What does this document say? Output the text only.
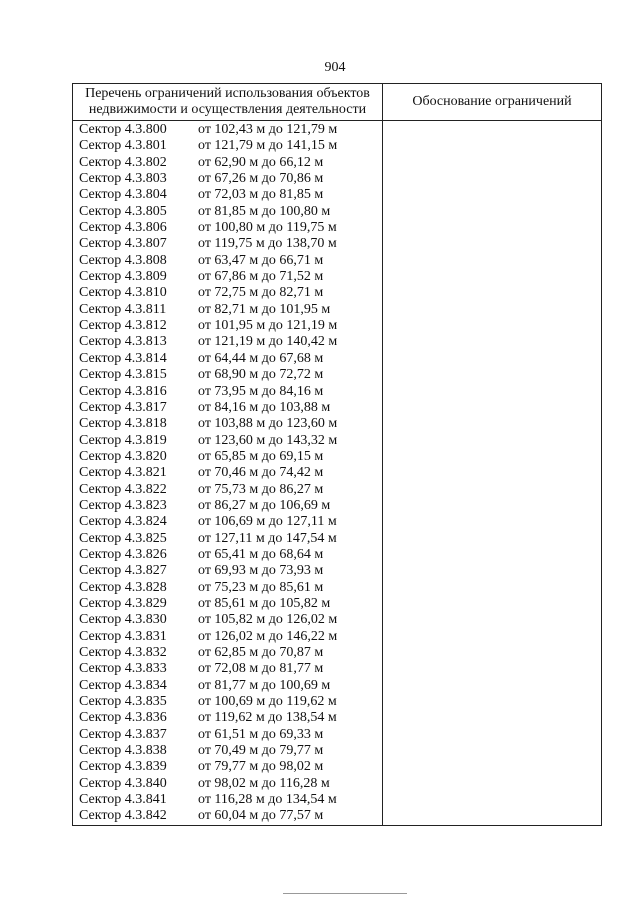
904
Перечень ограничений использования объектов
недвижимости и осуществления деятельности
Обоснование ограничений
Сектор 4.3.800	от 102,43 м до 121,79 м
Сектор 4.3.801	от 121,79 м до 141,15 м
Сектор 4.3.802	от 62,90 м до 66,12 м
Сектор 4.3.803	от 67,26 м до 70,86 м
Сектор 4.3.804	от 72,03 м до 81,85 м
Сектор 4.3.805	от 81,85 м до 100,80 м
Сектор 4.3.806	от 100,80 м до 119,75 м
Сектор 4.3.807	от 119,75 м до 138,70 м
Сектор 4.3.808	от 63,47 м до 66,71 м
Сектор 4.3.809	от 67,86 м до 71,52 м
Сектор 4.3.810	от 72,75 м до 82,71 м
Сектор 4.3.811	от 82,71 м до 101,95 м
Сектор 4.3.812	от 101,95 м до 121,19 м
Сектор 4.3.813	от 121,19 м до 140,42 м
Сектор 4.3.814	от 64,44 м до 67,68 м
Сектор 4.3.815	от 68,90 м до 72,72 м
Сектор 4.3.816	от 73,95 м до 84,16 м
Сектор 4.3.817	от 84,16 м до 103,88 м
Сектор 4.3.818	от 103,88 м до 123,60 м
Сектор 4.3.819	от 123,60 м до 143,32 м
Сектор 4.3.820	от 65,85 м до 69,15 м
Сектор 4.3.821	от 70,46 м до 74,42 м
Сектор 4.3.822	от 75,73 м до 86,27 м
Сектор 4.3.823	от 86,27 м до 106,69 м
Сектор 4.3.824	от 106,69 м до 127,11 м
Сектор 4.3.825	от 127,11 м до 147,54 м
Сектор 4.3.826	от 65,41 м до 68,64 м
Сектор 4.3.827	от 69,93 м до 73,93 м
Сектор 4.3.828	от 75,23 м до 85,61 м
Сектор 4.3.829	от 85,61 м до 105,82 м
Сектор 4.3.830	от 105,82 м до 126,02 м
Сектор 4.3.831	от 126,02 м до 146,22 м
Сектор 4.3.832	от 62,85 м до 70,87 м
Сектор 4.3.833	от 72,08 м до 81,77 м
Сектор 4.3.834	от 81,77 м до 100,69 м
Сектор 4.3.835	от 100,69 м до 119,62 м
Сектор 4.3.836	от 119,62 м до 138,54 м
Сектор 4.3.837	от 61,51 м до 69,33 м
Сектор 4.3.838	от 70,49 м до 79,77 м
Сектор 4.3.839	от 79,77 м до 98,02 м
Сектор 4.3.840	от 98,02 м до 116,28 м
Сектор 4.3.841	от 116,28 м до 134,54 м
Сектор 4.3.842	от 60,04 м до 77,57 м
